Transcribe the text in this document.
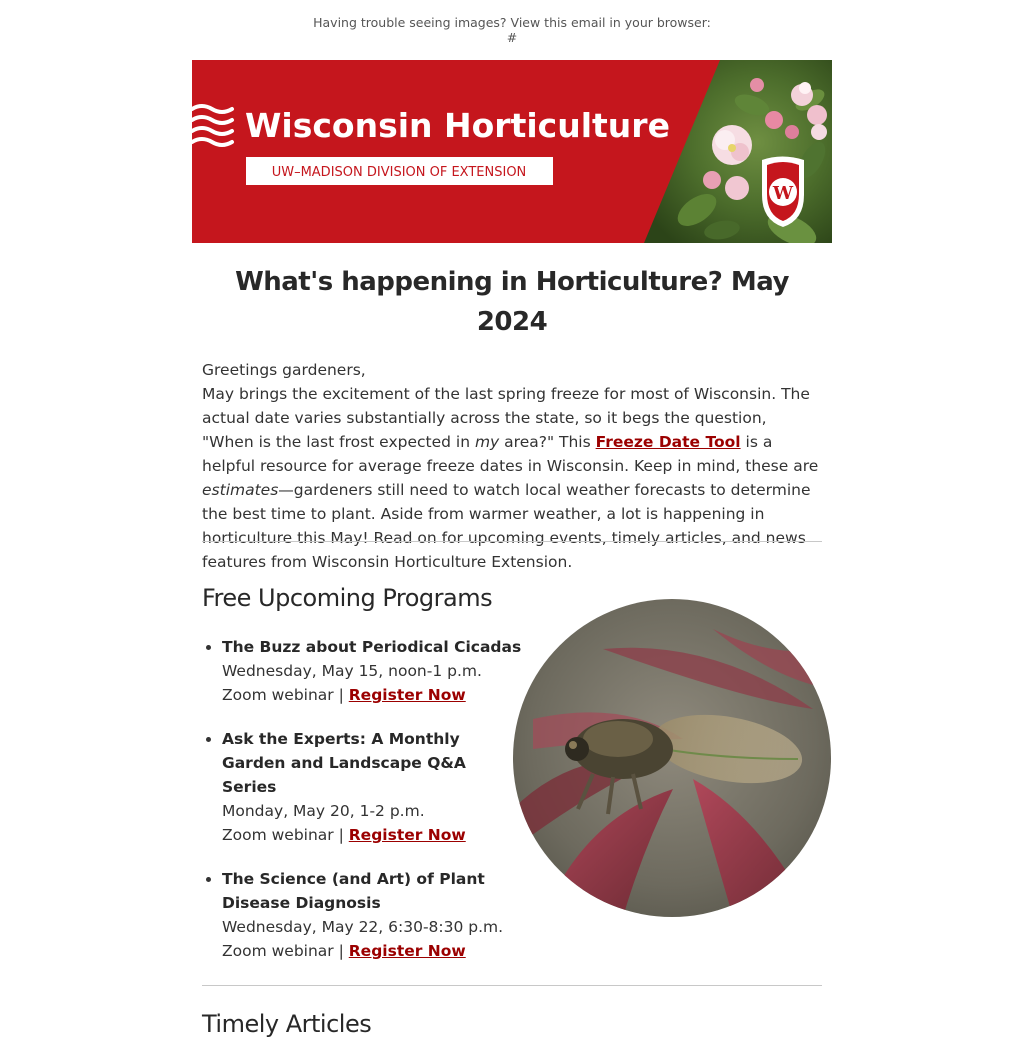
Having trouble seeing images? View this email in your browser:
#
W
Wisconsin Horticulture
UW–MADISON DIVISION OF EXTENSION
What's happening in Horticulture? May 2024

Greetings gardeners,

May brings the excitement of the last spring freeze for most of Wisconsin. The actual date varies substantially across the state, so it begs the question, "When is the last frost expected in my area?" This Freeze Date Tool is a helpful resource for average freeze dates in Wisconsin. Keep in mind, these are estimates—gardeners still need to watch local weather forecasts to determine the best time to plant. Aside from warmer weather, a lot is happening in horticulture this May! Read on for upcoming events, timely articles, and news features from Wisconsin Horticulture Extension.

Free Upcoming Programs
• The Buzz about Periodical Cicadas
Wednesday, May 15, noon-1 p.m.
Zoom webinar | Register Now
• Ask the Experts: A Monthly Garden and Landscape Q&A Series
Monday, May 20, 1-2 p.m.
Zoom webinar | Register Now
• The Science (and Art) of Plant Disease Diagnosis
Wednesday, May 22, 6:30-8:30 p.m.
Zoom webinar | Register Now
Timely Articles
